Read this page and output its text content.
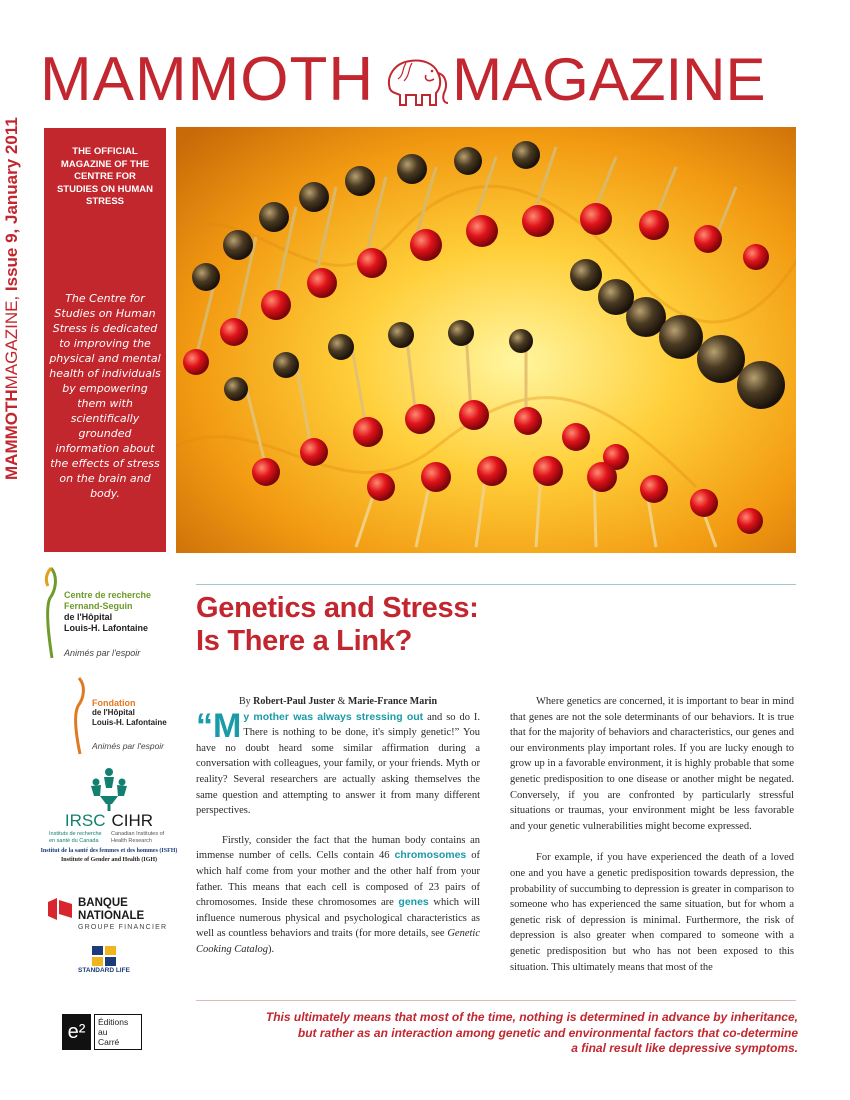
MAMMOTH MAGAZINE
MAMMOTHMAGAZINE, Issue 9, January 2011	THE OFFICIAL MAGAZINE OF THE CENTRE FOR STUDIES ON HUMAN STRESS
The Centre for Studies on Human Stress is dedicated to improving the physical and mental health of individuals by empowering them with scientifically grounded information about the effects of stress on the brain and body.
Centre de recherche
Fernand-Seguin
de l'Hôpital
Louis-H. Lafontaine
Animés par l'espoir
Fondation
de l'Hôpital
Louis-H. Lafontaine
Animés par l'espoir
IRSC CIHR
Instituts de recherche en santé du Canada
Canadian Institutes of Health Research
Institut de la santé des femmes et des hommes (ISFH)
Institute of Gender and Health (IGH)
BANQUE
NATIONALE
GROUPE FINANCIER
STANDARD LIFE
e²	Éditions
au
Carré
Genetics and Stress:
Is There a Link?

By Robert-Paul Juster & Marie-France Marin

“My mother was always stressing out and so do I. There is nothing to be done, it's simply genetic!” You have no doubt heard some similar affirmation during a conversation with colleagues, your family, or your friends. Myth or reality? Several researchers are actually asking themselves the same question and attempting to answer it from many different perspectives.

Firstly, consider the fact that the human body contains an immense number of cells. Cells contain 46 chromosomes of which half come from your mother and the other half from your father. This means that each cell is composed of 23 pairs of chromosomes. Inside these chromosomes are genes which will influence numerous physical and psychological characteristics as well as countless behaviors and traits (for more details, see Genetic Cooking Catalog).

Where genetics are concerned, it is important to bear in mind that genes are not the sole determinants of our behaviors. It is true that for the majority of behaviors and characteristics, our genes and our environments play important roles. If you are lucky enough to grow up in a favorable environment, it is highly probable that some genetic predisposition to one disease or another might be negated. Conversely, if you are confronted by particularly stressful situations or traumas, your environment might be less favorable and your genetic vulnerabilities might become expressed.

For example, if you have experienced the death of a loved one and you have a genetic predisposition towards depression, the probability of succumbing to depression is greater in comparison to someone who has experienced the same situation, but for whom a genetic risk of depression is minimal. Furthermore, the risk of depression is also greater when compared to someone with a genetic predisposition but who has not been exposed to this situation. This ultimately means that most of the

This ultimately means that most of the time, nothing is determined in advance by inheritance,
but rather as an interaction among genetic and environmental factors that co-determine
a final result like depressive symptoms.
